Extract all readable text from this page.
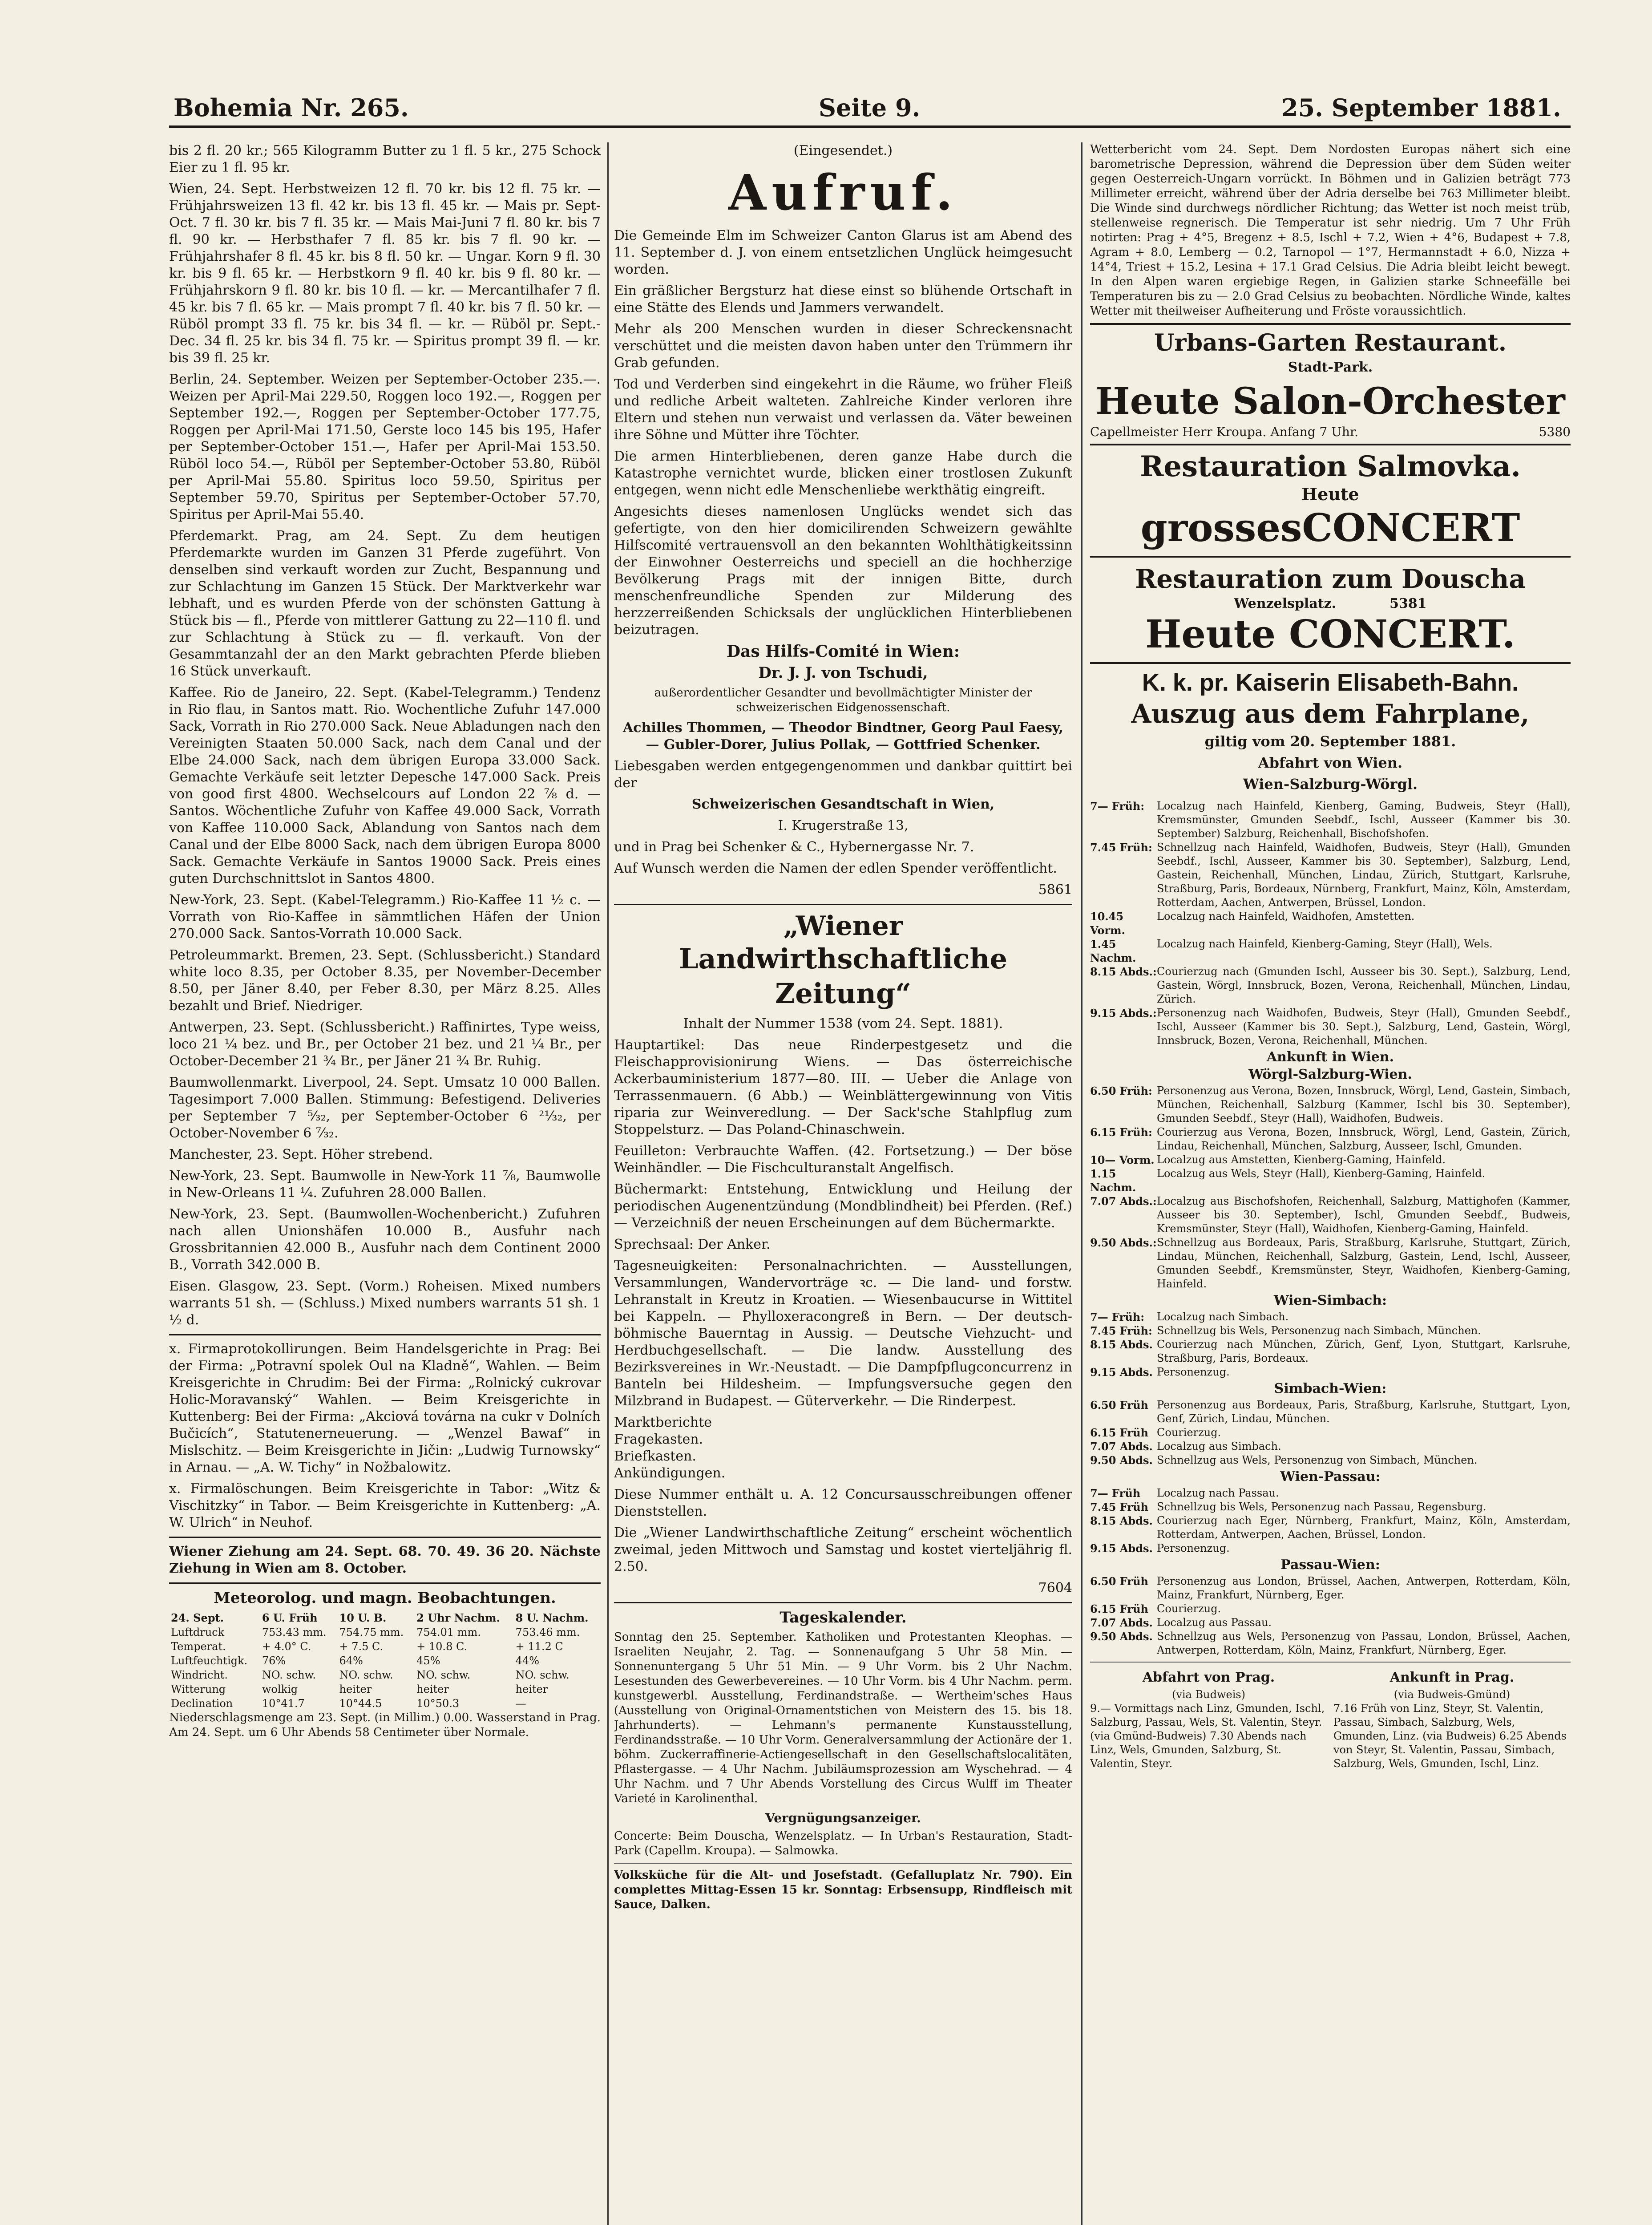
Bohemia Nr. 265.	Seite 9.	25. September 1881.

bis 2 fl. 20 kr.; 565 Kilogramm Butter zu 1 fl. 5 kr., 275 Schock Eier zu 1 fl. 95 kr.

Wien, 24. Sept. Herbstweizen 12 fl. 70 kr. bis 12 fl. 75 kr. — Frühjahrsweizen 13 fl. 42 kr. bis 13 fl. 45 kr. — Mais pr. Sept-Oct. 7 fl. 30 kr. bis 7 fl. 35 kr. — Mais Mai-Juni 7 fl. 80 kr. bis 7 fl. 90 kr. — Herbsthafer 7 fl. 85 kr. bis 7 fl. 90 kr. — Frühjahrshafer 8 fl. 45 kr. bis 8 fl. 50 kr. — Ungar. Korn 9 fl. 30 kr. bis 9 fl. 65 kr. — Herbstkorn 9 fl. 40 kr. bis 9 fl. 80 kr. — Frühjahrskorn 9 fl. 80 kr. bis 10 fl. — kr. — Mercantilhafer 7 fl. 45 kr. bis 7 fl. 65 kr. — Mais prompt 7 fl. 40 kr. bis 7 fl. 50 kr. — Rüböl prompt 33 fl. 75 kr. bis 34 fl. — kr. — Rüböl pr. Sept.-Dec. 34 fl. 25 kr. bis 34 fl. 75 kr. — Spiritus prompt 39 fl. — kr. bis 39 fl. 25 kr.

Berlin, 24. September. Weizen per September-October 235.—. Weizen per April-Mai 229.50, Roggen loco 192.—, Roggen per September 192.—, Roggen per September-October 177.75, Roggen per April-Mai 171.50, Gerste loco 145 bis 195, Hafer per September-October 151.—, Hafer per April-Mai 153.50. Rüböl loco 54.—, Rüböl per September-October 53.80, Rüböl per April-Mai 55.80. Spiritus loco 59.50, Spiritus per September 59.70, Spiritus per September-October 57.70, Spiritus per April-Mai 55.40.

Pferdemarkt. Prag, am 24. Sept. Zu dem heutigen Pferdemarkte wurden im Ganzen 31 Pferde zugeführt. Von denselben sind verkauft worden zur Zucht, Bespannung und zur Schlachtung im Ganzen 15 Stück. Der Marktverkehr war lebhaft, und es wurden Pferde von der schönsten Gattung à Stück bis — fl., Pferde von mittlerer Gattung zu 22—110 fl. und zur Schlachtung à Stück zu — fl. verkauft. Von der Gesammtanzahl der an den Markt gebrachten Pferde blieben 16 Stück unverkauft.

Kaffee. Rio de Janeiro, 22. Sept. (Kabel-Telegramm.) Tendenz in Rio flau, in Santos matt. Rio. Wochentliche Zufuhr 147.000 Sack, Vorrath in Rio 270.000 Sack. Neue Abladungen nach den Vereinigten Staaten 50.000 Sack, nach dem Canal und der Elbe 24.000 Sack, nach dem übrigen Europa 33.000 Sack. Gemachte Verkäufe seit letzter Depesche 147.000 Sack. Preis von good first 4800. Wechselcours auf London 22 ⅞ d. — Santos. Wöchentliche Zufuhr von Kaffee 49.000 Sack, Vorrath von Kaffee 110.000 Sack, Ablandung von Santos nach dem Canal und der Elbe 8000 Sack, nach dem übrigen Europa 8000 Sack. Gemachte Verkäufe in Santos 19000 Sack. Preis eines guten Durchschnittslot in Santos 4800.

New-York, 23. Sept. (Kabel-Telegramm.) Rio-Kaffee 11 ½ c. — Vorrath von Rio-Kaffee in sämmtlichen Häfen der Union 270.000 Sack. Santos-Vorrath 10.000 Sack.

Petroleummarkt. Bremen, 23. Sept. (Schlussbericht.) Standard white loco 8.35, per October 8.35, per November-December 8.50, per Jäner 8.40, per Feber 8.30, per März 8.25. Alles bezahlt und Brief. Niedriger.

Antwerpen, 23. Sept. (Schlussbericht.) Raffinirtes, Type weiss, loco 21 ¼ bez. und Br., per October 21 bez. und 21 ¼ Br., per October-December 21 ¾ Br., per Jäner 21 ¾ Br. Ruhig.

Baumwollenmarkt. Liverpool, 24. Sept. Umsatz 10 000 Ballen. Tagesimport 7.000 Ballen. Stimmung: Befestigend. Deliveries per September 7 ⁵⁄₃₂, per September-October 6 ²¹⁄₃₂, per October-November 6 ⁷⁄₃₂.

Manchester, 23. Sept. Höher strebend.

New-York, 23. Sept. Baumwolle in New-York 11 ⅞, Baumwolle in New-Orleans 11 ¼. Zufuhren 28.000 Ballen.

New-York, 23. Sept. (Baumwollen-Wochenbericht.) Zufuhren nach allen Unionshäfen 10.000 B., Ausfuhr nach Grossbritannien 42.000 B., Ausfuhr nach dem Continent 2000 B., Vorrath 342.000 B.

Eisen. Glasgow, 23. Sept. (Vorm.) Roheisen. Mixed numbers warrants 51 sh. — (Schluss.) Mixed numbers warrants 51 sh. 1 ½ d.

x. Firmaprotokollirungen. Beim Handelsgerichte in Prag: Bei der Firma: „Potravní spolek Oul na Kladně“, Wahlen. — Beim Kreisgerichte in Chrudim: Bei der Firma: „Rolnický cukrovar Holic-Moravanský“ Wahlen. — Beim Kreisgerichte in Kuttenberg: Bei der Firma: „Akciová továrna na cukr v Dolních Bučicích“, Statutenerneuerung. — „Wenzel Bawaf“ in Mislschitz. — Beim Kreisgerichte in Jičin: „Ludwig Turnowsky“ in Arnau. — „A. W. Tichy“ in Nožbalowitz.

x. Firmalöschungen. Beim Kreisgerichte in Tabor: „Witz & Vischitzky“ in Tabor. — Beim Kreisgerichte in Kuttenberg: „A. W. Ulrich“ in Neuhof.

Wiener Ziehung am 24. Sept. 68. 70. 49. 36 20. Nächste Ziehung in Wien am 8. October.

Meteorolog. und magn. Beobachtungen.
24. Sept.	6 U. Früh	10 U. B.	2 Uhr Nachm.	8 U. Nachm.
Luftdruck	753.43 mm.	754.75 mm.	754.01 mm.	753.46 mm.
Temperat.	+ 4.0° C.	+ 7.5 C.	+ 10.8 C.	+ 11.2 C
Luftfeuchtigk.	76%	64%	45%	44%
Windricht.	NO. schw.	NO. schw.	NO. schw.	NO. schw.
Witterung	wolkig	heiter	heiter	heiter
Declination	10°41.7	10°44.5	10°50.3	—

Niederschlagsmenge am 23. Sept. (in Millim.) 0.00. Wasserstand in Prag. Am 24. Sept. um 6 Uhr Abends 58 Centimeter über Normale.

(Eingesendet.)

Aufruf.

Die Gemeinde Elm im Schweizer Canton Glarus ist am Abend des 11. September d. J. von einem entsetzlichen Unglück heimgesucht worden.

Ein gräßlicher Bergsturz hat diese einst so blühende Ortschaft in eine Stätte des Elends und Jammers verwandelt.

Mehr als 200 Menschen wurden in dieser Schreckensnacht verschüttet und die meisten davon haben unter den Trümmern ihr Grab gefunden.

Tod und Verderben sind eingekehrt in die Räume, wo früher Fleiß und redliche Arbeit walteten. Zahlreiche Kinder verloren ihre Eltern und stehen nun verwaist und verlassen da. Väter beweinen ihre Söhne und Mütter ihre Töchter.

Die armen Hinterbliebenen, deren ganze Habe durch die Katastrophe vernichtet wurde, blicken einer trostlosen Zukunft entgegen, wenn nicht edle Menschenliebe werkthätig eingreift.

Angesichts dieses namenlosen Unglücks wendet sich das gefertigte, von den hier domicilirenden Schweizern gewählte Hilfscomité vertrauensvoll an den bekannten Wohlthätigkeitssinn der Einwohner Oesterreichs und speciell an die hochherzige Bevölkerung Prags mit der innigen Bitte, durch menschenfreundliche Spenden zur Milderung des herzzerreißenden Schicksals der unglücklichen Hinterbliebenen beizutragen.

Das Hilfs-Comité in Wien:

Dr. J. J. von Tschudi,

außerordentlicher Gesandter und bevollmächtigter Minister der schweizerischen Eidgenossenschaft.

Achilles Thommen, — Theodor Bindtner, Georg Paul Faesy, — Gubler-Dorer, Julius Pollak, — Gottfried Schenker.

Liebesgaben werden entgegengenommen und dankbar quittirt bei der

Schweizerischen Gesandtschaft in Wien,

I. Krugerstraße 13,

und in Prag bei Schenker & C., Hybernergasse Nr. 7.

Auf Wunsch werden die Namen der edlen Spender veröffentlicht.

5861

„Wiener
Landwirthschaftliche Zeitung“

Inhalt der Nummer 1538 (vom 24. Sept. 1881).

Hauptartikel: Das neue Rinderpestgesetz und die Fleischapprovisionirung Wiens. — Das österreichische Ackerbauministerium 1877—80. III. — Ueber die Anlage von Terrassenmauern. (6 Abb.) — Weinblättergewinnung von Vitis riparia zur Weinveredlung. — Der Sack'sche Stahlpflug zum Stoppelsturz. — Das Poland-Chinaschwein.

Feuilleton: Verbrauchte Waffen. (42. Fortsetzung.) — Der böse Weinhändler. — Die Fischculturanstalt Angelfisch.

Büchermarkt: Entstehung, Entwicklung und Heilung der periodischen Augenentzündung (Mondblindheit) bei Pferden. (Ref.) — Verzeichniß der neuen Erscheinungen auf dem Büchermarkte.

Sprechsaal: Der Anker.

Tagesneuigkeiten: Personalnachrichten. — Ausstellungen, Versammlungen, Wandervorträge ꝛc. — Die land- und forstw. Lehranstalt in Kreutz in Kroatien. — Wiesenbaucurse in Wittitel bei Kappeln. — Phylloxeracongreß in Bern. — Der deutsch-böhmische Bauerntag in Aussig. — Deutsche Viehzucht- und Herdbuchgesellschaft. — Die landw. Ausstellung des Bezirksvereines in Wr.-Neustadt. — Die Dampfpflugconcurrenz in Banteln bei Hildesheim. — Impfungsversuche gegen den Milzbrand in Budapest. — Güterverkehr. — Die Rinderpest.

Marktberichte

Fragekasten.

Briefkasten.

Ankündigungen.

Diese Nummer enthält u. A. 12 Concursausschreibungen offener Dienststellen.

Die „Wiener Landwirthschaftliche Zeitung“ erscheint wöchentlich zweimal, jeden Mittwoch und Samstag und kostet vierteljährig fl. 2.50.

7604

Tageskalender.

Sonntag den 25. September. Katholiken und Protestanten Kleophas. — Israeliten Neujahr, 2. Tag. — Sonnenaufgang 5 Uhr 58 Min. — Sonnenuntergang 5 Uhr 51 Min. — 9 Uhr Vorm. bis 2 Uhr Nachm. Lesestunden des Gewerbevereines. — 10 Uhr Vorm. bis 4 Uhr Nachm. perm. kunstgewerbl. Ausstellung, Ferdinandstraße. — Wertheim'sches Haus (Ausstellung von Original-Ornamentstichen von Meistern des 15. bis 18. Jahrhunderts). — Lehmann's permanente Kunstausstellung, Ferdinandsstraße. — 10 Uhr Vorm. Generalversammlung der Actionäre der 1. böhm. Zuckerraffinerie-Actiengesellschaft in den Gesellschaftslocalitäten, Pflastergasse. — 4 Uhr Nachm. Jubiläumsprozession am Wyschehrad. — 4 Uhr Nachm. und 7 Uhr Abends Vorstellung des Circus Wulff im Theater Varieté in Karolinenthal.

Vergnügungsanzeiger.

Concerte: Beim Douscha, Wenzelsplatz. — In Urban's Restauration, Stadt-Park (Capellm. Kroupa). — Salmowka.

Volksküche für die Alt- und Josefstadt. (Gefalluplatz Nr. 790). Ein complettes Mittag-Essen 15 kr. Sonntag: Erbsensupp, Rindfleisch mit Sauce, Dalken.

Wetterbericht vom 24. Sept. Dem Nordosten Europas nähert sich eine barometrische Depression, während die Depression über dem Süden weiter gegen Oesterreich-Ungarn vorrückt. In Böhmen und in Galizien beträgt 773 Millimeter erreicht, während über der Adria derselbe bei 763 Millimeter bleibt. Die Winde sind durchwegs nördlicher Richtung; das Wetter ist noch meist trüb, stellenweise regnerisch. Die Temperatur ist sehr niedrig. Um 7 Uhr Früh notirten: Prag + 4°5, Bregenz + 8.5, Ischl + 7.2, Wien + 4°6, Budapest + 7.8, Agram + 8.0, Lemberg — 0.2, Tarnopol — 1°7, Hermannstadt + 6.0, Nizza + 14°4, Triest + 15.2, Lesina + 17.1 Grad Celsius. Die Adria bleibt leicht bewegt. In den Alpen waren ergiebige Regen, in Galizien starke Schneefälle bei Temperaturen bis zu — 2.0 Grad Celsius zu beobachten. Nördliche Winde, kaltes Wetter mit theilweiser Aufheiterung und Fröste voraussichtlich.

Urbans-Garten Restaurant.
Stadt-Park.
Heute Salon-Orchester
Capellmeister Herr Kroupa. Anfang 7 Uhr.	5380
Restauration Salmovka.
Heute
grossesCONCERT
Restauration zum Douscha
Wenzelsplatz.	5381
Heute CONCERT.
K. k. pr. Kaiserin Elisabeth-Bahn.
Auszug aus dem Fahrplane,
giltig vom 20. September 1881.
Abfahrt von Wien.
Wien-Salzburg-Wörgl.
7— Früh:	Localzug nach Hainfeld, Kienberg, Gaming, Budweis, Steyr (Hall), Kremsmünster, Gmunden Seebdf., Ischl, Ausseer (Kammer bis 30. September) Salzburg, Reichenhall, Bischofshofen.
7.45 Früh: Schnellzug nach Hainfeld, Waidhofen, Budweis, Steyr (Hall), Gmunden Seebdf., Ischl, Ausseer, Kammer bis 30. September), Salzburg, Lend, Gastein, Reichenhall, München, Lindau, Zürich, Stuttgart, Karlsruhe, Straßburg, Paris, Bordeaux, Nürnberg, Frankfurt, Mainz, Köln, Amsterdam, Rotterdam, Aachen, Antwerpen, Brüssel, London.
10.45 Vorm.
Localzug nach Hainfeld, Waidhofen, Amstetten.
1.45 Nachm.
Localzug nach Hainfeld, Kienberg-Gaming, Steyr (Hall), Wels.
8.15 Abds.: Courierzug nach (Gmunden Ischl, Ausseer bis 30. Sept.), Salzburg, Lend, Gastein, Wörgl, Innsbruck, Bozen, Verona, Reichenhall, München, Lindau, Zürich.
9.15 Abds.: Personenzug nach Waidhofen, Budweis, Steyr (Hall), Gmunden Seebdf., Ischl, Ausseer (Kammer bis 30. Sept.), Salzburg, Lend, Gastein, Wörgl, Innsbruck, Bozen, Verona, Reichenhall, München.
Ankunft in Wien.
Wörgl-Salzburg-Wien.
6.50 Früh: Personenzug aus Verona, Bozen, Innsbruck, Wörgl, Lend, Gastein, Simbach, München, Reichenhall, Salzburg (Kammer, Ischl bis 30. September), Gmunden Seebdf., Steyr (Hall), Waidhofen, Budweis.
6.15 Früh: Courierzug aus Verona, Bozen, Innsbruck, Wörgl, Lend, Gastein, Zürich, Lindau, Reichenhall, München, Salzburg, Ausseer, Ischl, Gmunden.
10— Vorm. Localzug aus Amstetten, Kienberg-Gaming, Hainfeld.
1.15 Nachm.
Localzug aus Wels, Steyr (Hall), Kienberg-Gaming, Hainfeld.
7.07 Abds.: Localzug aus Bischofshofen, Reichenhall, Salzburg, Mattighofen (Kammer, Ausseer bis 30. September), Ischl, Gmunden Seebdf., Budweis, Kremsmünster, Steyr (Hall), Waidhofen, Kienberg-Gaming, Hainfeld.
9.50 Abds.: Schnellzug aus Bordeaux, Paris, Straßburg, Karlsruhe, Stuttgart, Zürich, Lindau, München, Reichenhall, Salzburg, Gastein, Lend, Ischl, Ausseer, Gmunden Seebdf., Kremsmünster, Steyr, Waidhofen, Kienberg-Gaming, Hainfeld.
Wien-Simbach:
7— Früh:	Localzug nach Simbach.
7.45 Früh: Schnellzug bis Wels, Personenzug nach Simbach, München.
8.15 Abds. Courierzug nach München, Zürich, Genf, Lyon, Stuttgart, Karlsruhe, Straßburg, Paris, Bordeaux.
9.15 Abds. Personenzug.
Simbach-Wien:
6.50 Früh Personenzug aus Bordeaux, Paris, Straßburg, Karlsruhe, Stuttgart, Lyon, Genf, Zürich, Lindau, München.
6.15 Früh Courierzug.
7.07 Abds. Localzug aus Simbach.
9.50 Abds. Schnellzug aus Wels, Personenzug von Simbach, München.
Wien-Passau:
7— Früh	Localzug nach Passau.
7.45 Früh Schnellzug bis Wels, Personenzug nach Passau, Regensburg.
8.15 Abds. Courierzug nach Eger, Nürnberg, Frankfurt, Mainz, Köln, Amsterdam, Rotterdam, Antwerpen, Aachen, Brüssel, London.
9.15 Abds. Personenzug.
Passau-Wien:
6.50 Früh Personenzug aus London, Brüssel, Aachen, Antwerpen, Rotterdam, Köln, Mainz, Frankfurt, Nürnberg, Eger.
6.15 Früh Courierzug.
7.07 Abds. Localzug aus Passau.
9.50 Abds. Schnellzug aus Wels, Personenzug von Passau, London, Brüssel, Aachen, Antwerpen, Rotterdam, Köln, Mainz, Frankfurt, Nürnberg, Eger.
Abfahrt von Prag.
(via Budweis)
9.— Vormittags nach Linz, Gmunden, Ischl, Salzburg, Passau, Wels, St. Valentin, Steyr. (via Gmünd-Budweis) 7.30 Abends nach Linz, Wels, Gmunden, Salzburg, St. Valentin, Steyr.
Ankunft in Prag.
(via Budweis-Gmünd)
7.16 Früh von Linz, Steyr, St. Valentin, Passau, Simbach, Salzburg, Wels, Gmunden, Linz. (via Budweis) 6.25 Abends von Steyr, St. Valentin, Passau, Simbach, Salzburg, Wels, Gmunden, Ischl, Linz.
